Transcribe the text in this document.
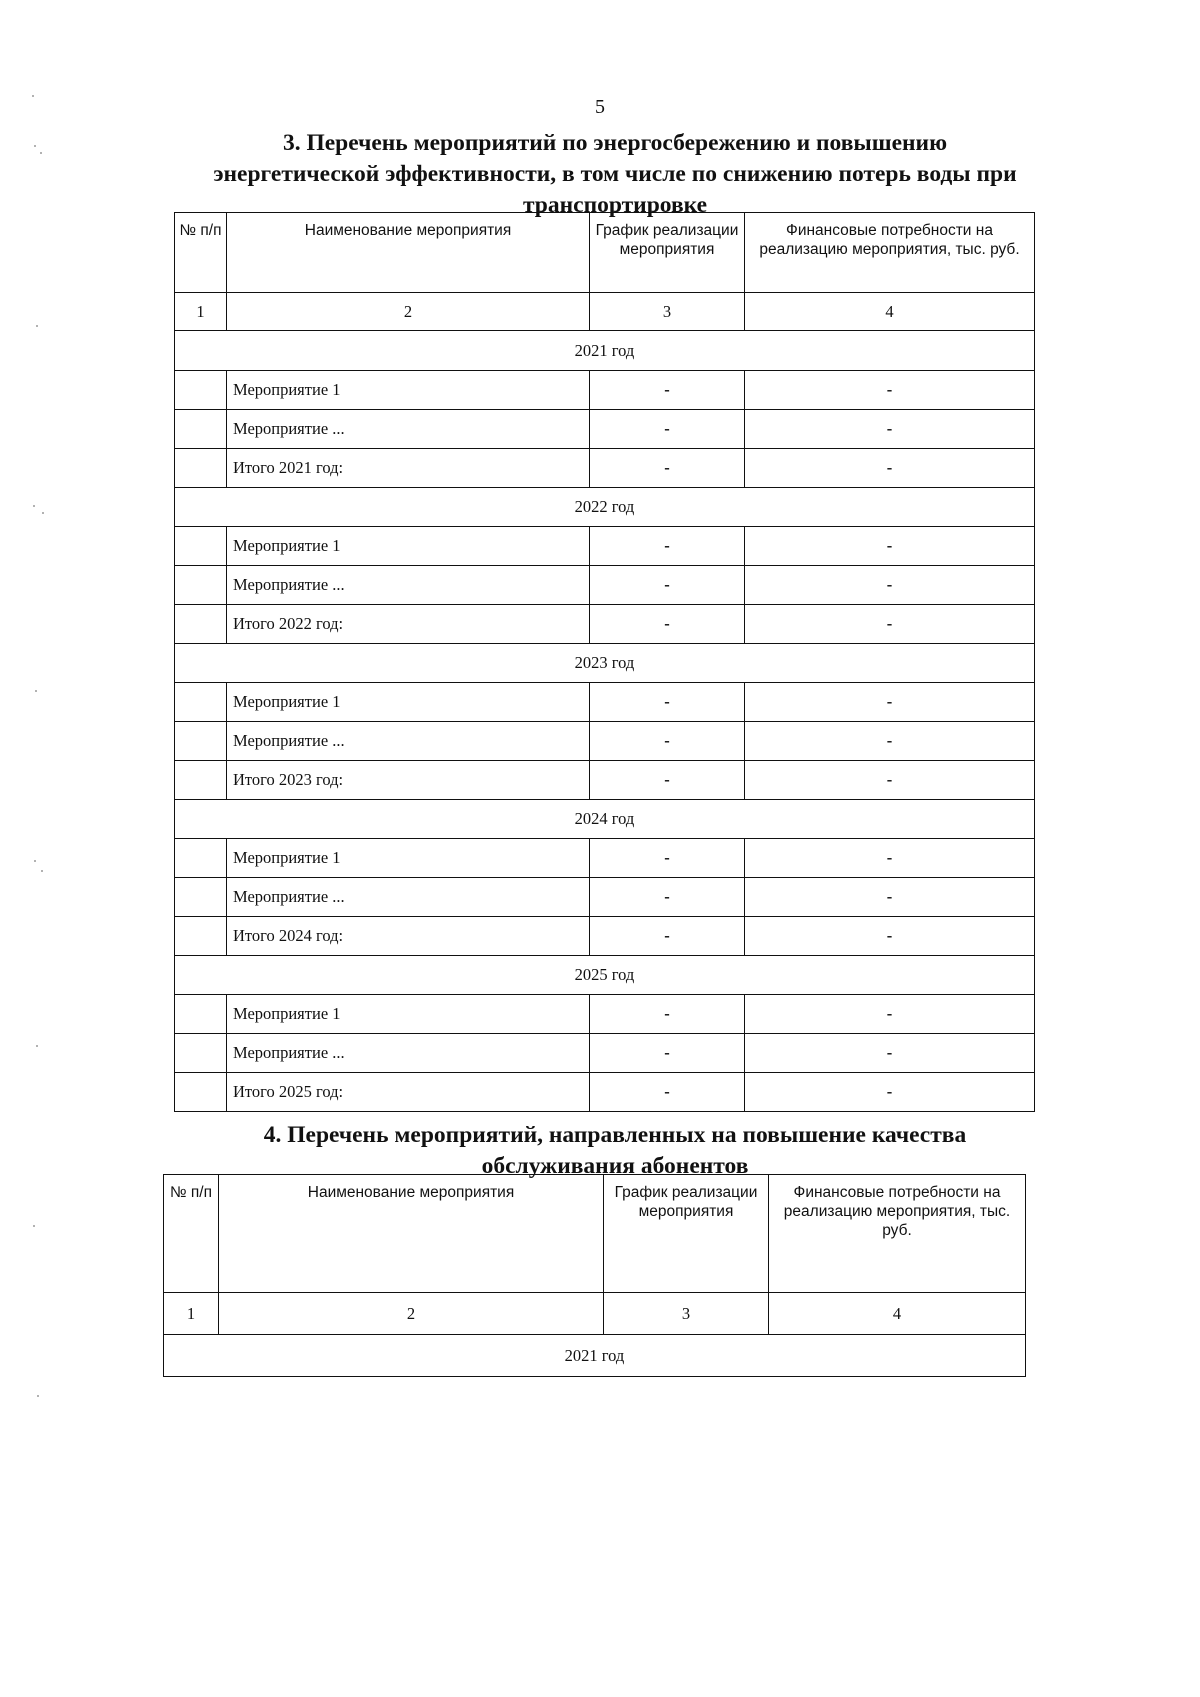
5
3. Перечень мероприятий по энергосбережению и повышению
энергетической эффективности, в том числе по снижению потерь воды при
транспортировке
№ п/п	Наименование мероприятия	График реализации мероприятия	Финансовые потребности на реализацию мероприятия, тыс. руб.
1	2	3	4
2021 год			
	Мероприятие 1	-	-
	Мероприятие ...	-	-
	Итого 2021 год:	-	-
2022 год			
	Мероприятие 1	-	-
	Мероприятие ...	-	-
	Итого 2022 год:	-	-
2023 год			
	Мероприятие 1	-	-
	Мероприятие ...	-	-
	Итого 2023 год:	-	-
2024 год			
	Мероприятие 1	-	-
	Мероприятие ...	-	-
	Итого 2024 год:	-	-
2025 год			
	Мероприятие 1	-	-
	Мероприятие ...	-	-
	Итого 2025 год:	-	-
4. Перечень мероприятий, направленных на повышение качества
обслуживания абонентов
№ п/п	Наименование мероприятия	График реализации мероприятия	Финансовые потребности на реализацию мероприятия, тыс. руб.
1	2	3	4
2021 год			
